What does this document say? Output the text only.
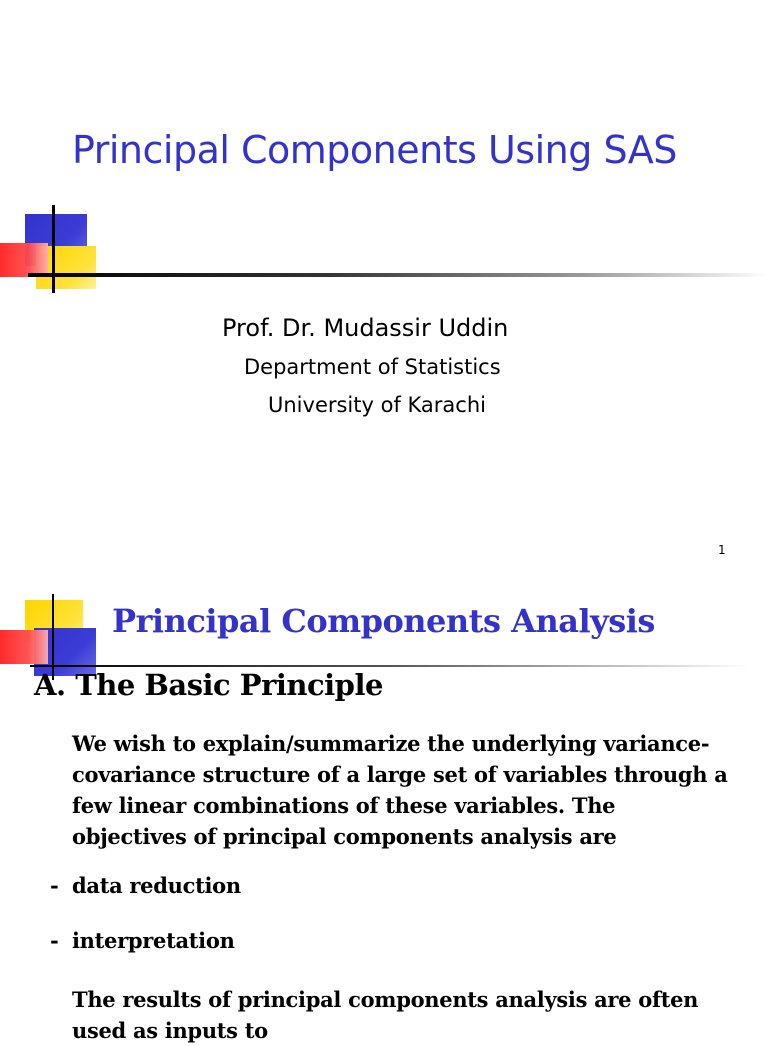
Principal Components Using SAS
Prof. Dr. Mudassir Uddin
Department of Statistics
University of Karachi
1
Principal Components Analysis
A. The Basic Principle
We wish to explain/summarize the underlying variance-
covariance structure of a large set of variables through a
few linear combinations of these variables. The
objectives of principal components analysis are
- data reduction
- interpretation
The results of principal components analysis are often
used as inputs to
